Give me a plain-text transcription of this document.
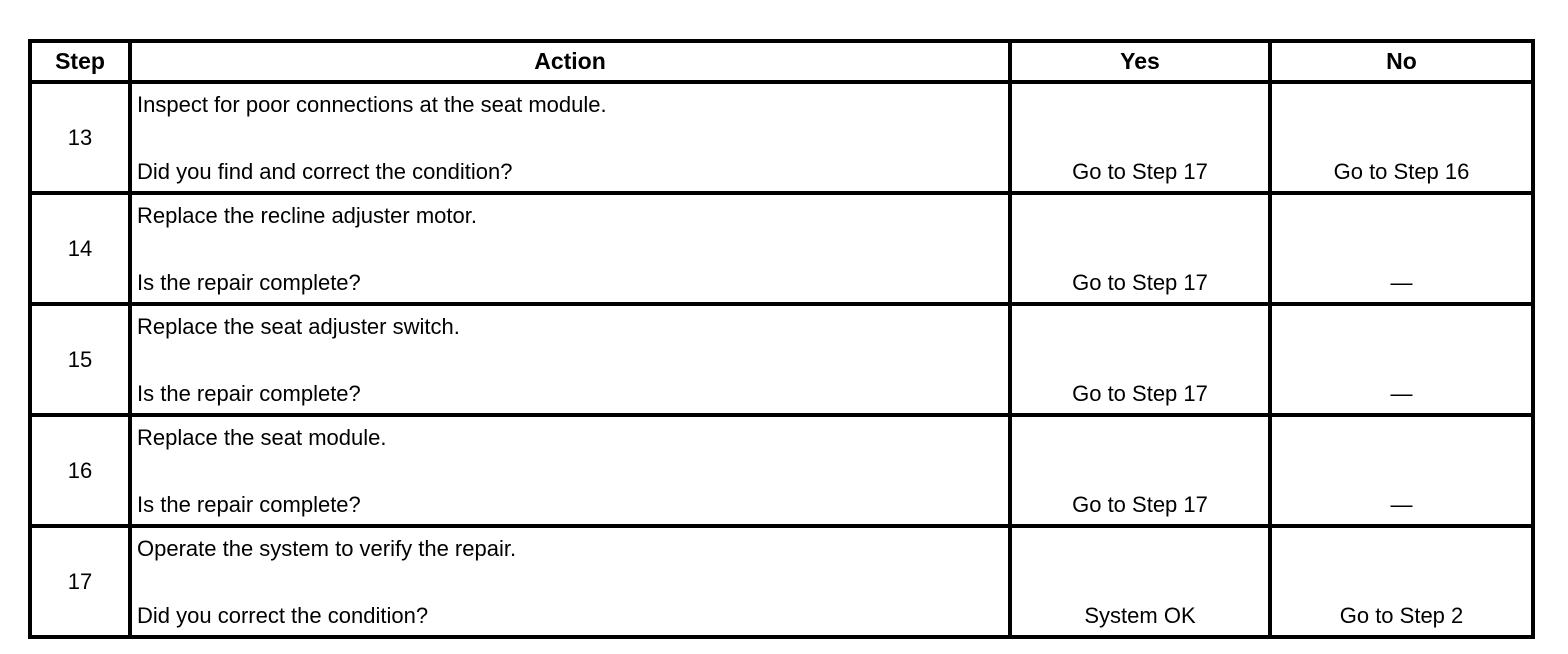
Step	Action	Yes	No
13	Inspect for poor connections at the seat module.
Did you find and correct the condition?	Go to Step 17	Go to Step 16
14	Replace the recline adjuster motor.
Is the repair complete?	Go to Step 17	—
15	Replace the seat adjuster switch.
Is the repair complete?	Go to Step 17	—
16	Replace the seat module.
Is the repair complete?	Go to Step 17	—
17	Operate the system to verify the repair.
Did you correct the condition?	System OK	Go to Step 2
